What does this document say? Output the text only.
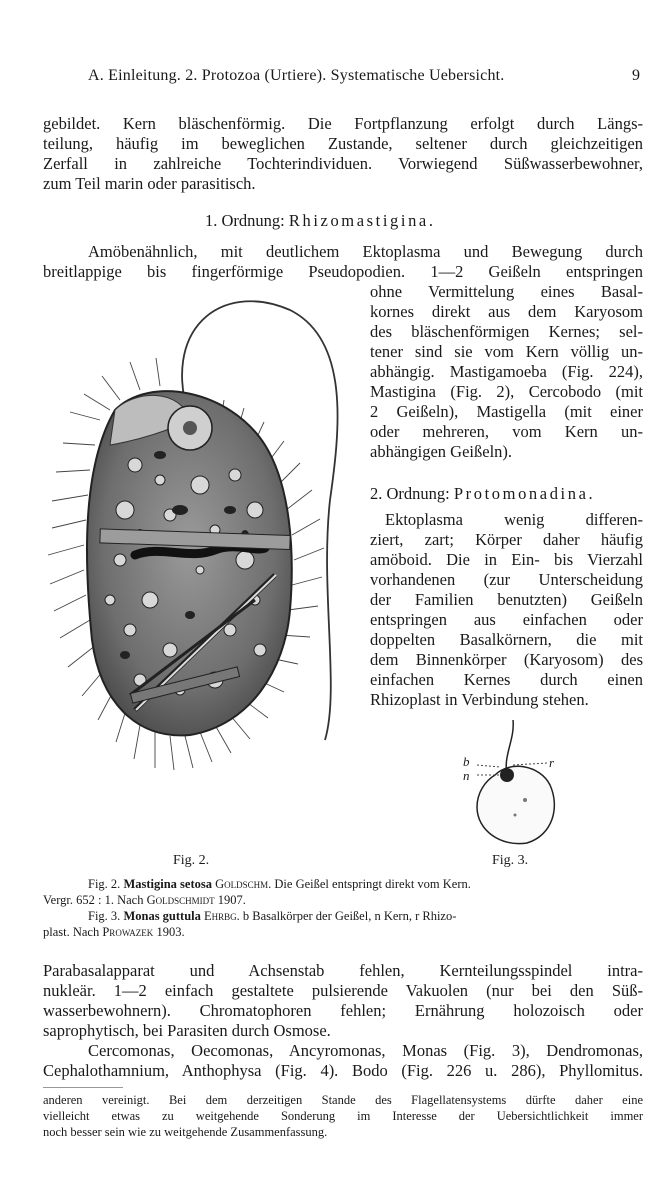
A. Einleitung. 2. Protozoa (Urtiere). Systematische Uebersicht.	9
gebildet. Kern bläschenförmig. Die Fortpflanzung erfolgt durch Längs-
teilung, häufig im beweglichen Zustande, seltener durch gleichzeitigen
Zerfall in zahlreiche Tochterindividuen. Vorwiegend Süßwasserbewohner,
zum Teil marin oder parasitisch.
1. Ordnung: Rhizomastigina.
Amöbenähnlich, mit deutlichem Ektoplasma und Bewegung durch
breitlappige bis fingerförmige Pseudopodien. 1—2 Geißeln entspringen
ohne Vermittelung eines Basal-
kornes direkt aus dem Karyosom
des bläschenförmigen Kernes; sel-
tener sind sie vom Kern völlig un-
abhängig. Mastigamoeba (Fig. 224),
Mastigina (Fig. 2), Cercobodo (mit
2 Geißeln), Mastigella (mit einer
oder mehreren, vom Kern un-
abhängigen Geißeln).
2. Ordnung: Protomonadina.
Ektoplasma wenig differen-
ziert, zart; Körper daher häufig
amöboid. Die in Ein- bis Vierzahl
vorhandenen (zur Unterscheidung
der Familien benutzten) Geißeln
entspringen aus einfachen oder
doppelten Basalkörnern, die mit
dem Binnenkörper (Karyosom) des
einfachen Kernes durch einen
Rhizoplast in Verbindung stehen.
b
n
r
Fig. 2.	Fig. 3.
Fig. 2. Mastigina setosa Goldschm. Die Geißel entspringt direkt vom Kern.
Vergr. 652 : 1. Nach Goldschmidt 1907.
Fig. 3. Monas guttula Ehrbg. b Basalkörper der Geißel, n Kern, r Rhizo-
plast. Nach Prowazek 1903.
Parabasalapparat und Achsenstab fehlen, Kernteilungsspindel intra-
nukleär. 1—2 einfach gestaltete pulsierende Vakuolen (nur bei den Süß-
wasserbewohnern). Chromatophoren fehlen; Ernährung holozoisch oder
saprophytisch, bei Parasiten durch Osmose.
Cercomonas, Oecomonas, Ancyromonas, Monas (Fig. 3), Dendromonas,
Cephalothamnium, Anthophysa (Fig. 4). Bodo (Fig. 226 u. 286), Phyllomitus.
anderen vereinigt. Bei dem derzeitigen Stande des Flagellatensystems dürfte daher eine
vielleicht etwas zu weitgehende Sonderung im Interesse der Uebersichtlichkeit immer
noch besser sein wie zu weitgehende Zusammenfassung.
